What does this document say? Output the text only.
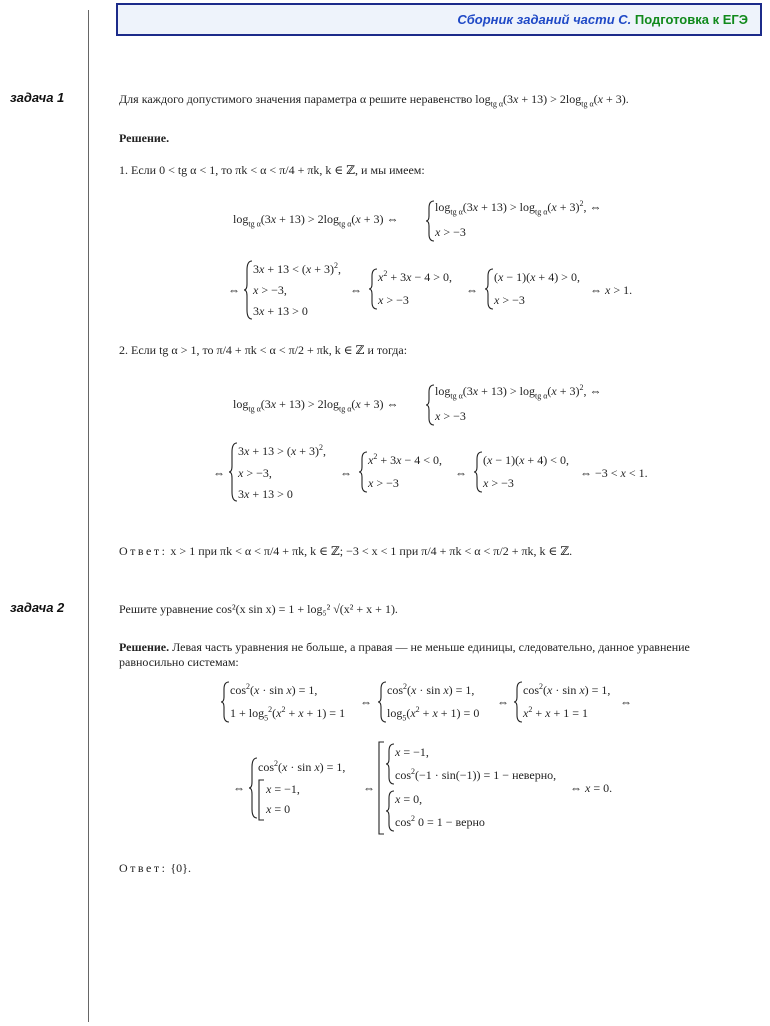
Сборник заданий части С. Подготовка к ЕГЭ
задача 1	Для каждого допустимого значения параметра α решите неравенство $\log_{tg \alpha}(3x + 13) > 2\log_{tg \alpha}(x + 3)$.
Решение.
1. Если 0 < tg α < 1, то πk < α < π/4 + πk, k ∈ ℤ, и мы имеем:
$\log_{tg \alpha}(3x + 13) > 2\log_{tg \alpha}(x + 3)$ ⇔
$\log_{tg \alpha}(3x + 13) > \log_{tg \alpha}(x + 3)^2$, ⇔
x > −3
⇔
$3x + 13 < (x + 3)^2$,
x > −3,
3x + 13 > 0
⇔
$x^2 + 3x - 4 > 0$,
x > −3
⇔
(x − 1)(x + 4) > 0,
x > −3
⇔ x > 1.
2. Если tg α > 1, то π/4 + πk < α < π/2 + πk, k ∈ ℤ и тогда:
$\log_{tg \alpha}(3x + 13) > 2\log_{tg \alpha}(x + 3)$ ⇔
$\log_{tg \alpha}(3x + 13) > \log_{tg \alpha}(x + 3)^2$, ⇔
x > −3
⇔
$3x + 13 > (x + 3)^2$,
x > −3,
3x + 13 > 0
⇔
$x^2 + 3x - 4 < 0$,
x > −3
⇔
(x − 1)(x + 4) < 0,
x > −3
⇔ −3 < x < 1.
Ответ: x > 1 при πk < α < π/4 + πk, k ∈ ℤ; −3 < x < 1 при π/4 + πk < α < π/2 + πk, k ∈ ℤ.
задача 2	Решите уравнение cos²(x sin x) = 1 + log₅² √(x² + x + 1).
Решение. Левая часть уравнения не больше, а правая — не меньше единицы, следовательно, данное уравнение равносильно системам:
$\cos^2(x \cdot \sin x) = 1$,
$1 + \log_5^2(x^2 + x + 1) = 1$
⇔
$\cos^2(x \cdot \sin x) = 1$,
$\log_5(x^2 + x + 1) = 0$
⇔
$\cos^2(x \cdot \sin x) = 1$,
$x^2 + x + 1 = 1$
⇔
⇔
$\cos^2(x \cdot \sin x) = 1$,
x = −1,
x = 0
⇔
x = −1,
$\cos^2(-1 \cdot \sin(-1)) = 1$ − неверно,
x = 0,
$\cos^2 0 = 1$ − верно
⇔ x = 0.
Ответ: {0}.
